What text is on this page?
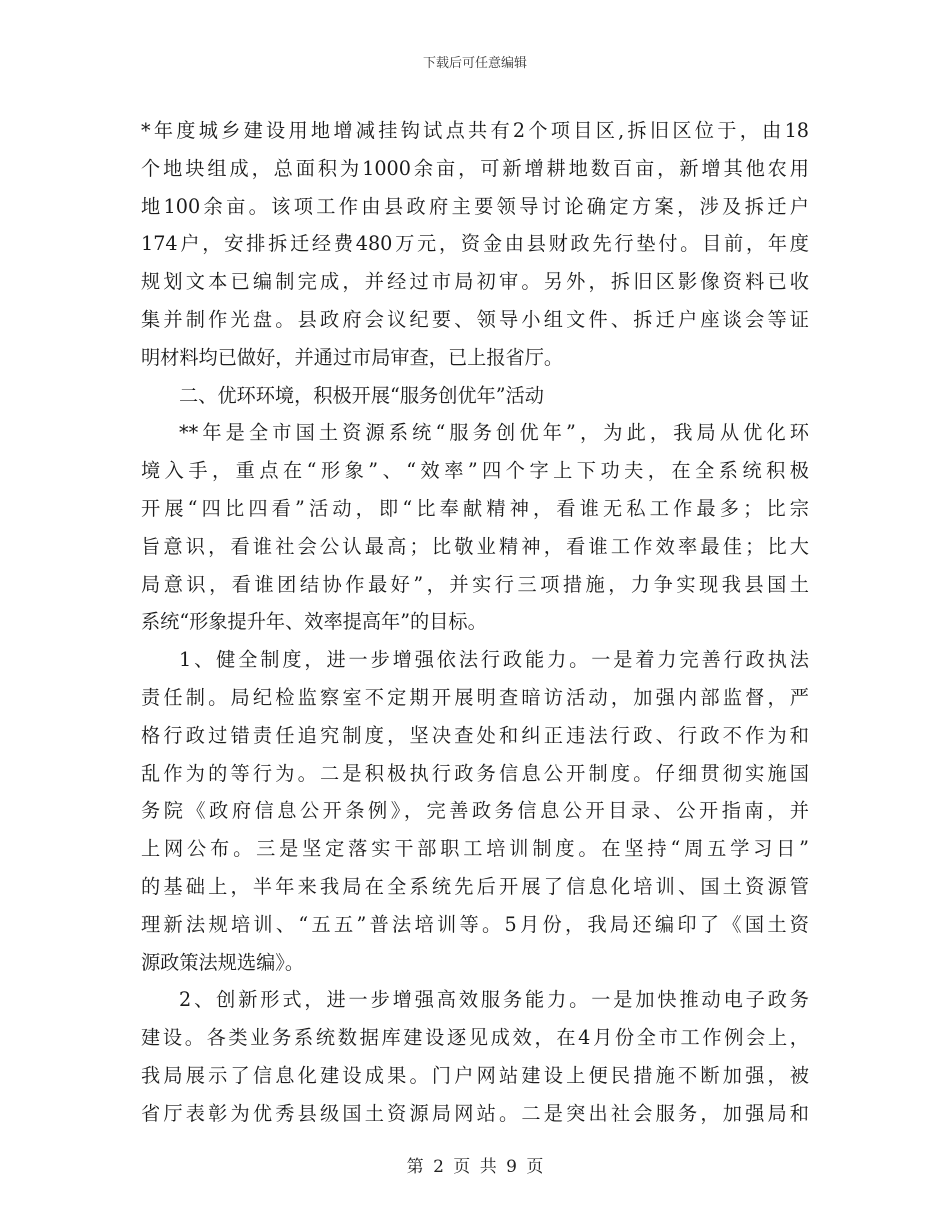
下载后可任意编辑
*年度城乡建设用地增减挂钩试点共有2个项目区,拆旧区位于，由18
个地块组成，总面积为1000余亩，可新增耕地数百亩，新增其他农用
地100余亩。该项工作由县政府主要领导讨论确定方案，涉及拆迁户
174户，安排拆迁经费480万元，资金由县财政先行垫付。目前，年度
规划文本已编制完成，并经过市局初审。另外，拆旧区影像资料已收
集并制作光盘。县政府会议纪要、领导小组文件、拆迁户座谈会等证
明材料均已做好，并通过市局审查，已上报省厅。
二、优环环境，积极开展“服务创优年”活动
**年是全市国土资源系统“服务创优年”，为此，我局从优化环
境入手，重点在“形象”、“效率”四个字上下功夫，在全系统积极
开展“四比四看”活动，即“比奉献精神，看谁无私工作最多；比宗
旨意识，看谁社会公认最高；比敬业精神，看谁工作效率最佳；比大
局意识，看谁团结协作最好”，并实行三项措施，力争实现我县国土
系统“形象提升年、效率提高年”的目标。
1、健全制度，进一步增强依法行政能力。一是着力完善行政执法
责任制。局纪检监察室不定期开展明查暗访活动，加强内部监督，严
格行政过错责任追究制度，坚决查处和纠正违法行政、行政不作为和
乱作为的等行为。二是积极执行政务信息公开制度。仔细贯彻实施国
务院《政府信息公开条例》，完善政务信息公开目录、公开指南，并
上网公布。三是坚定落实干部职工培训制度。在坚持“周五学习日”
的基础上，半年来我局在全系统先后开展了信息化培训、国土资源管
理新法规培训、“五五”普法培训等。5月份，我局还编印了《国土资
源政策法规选编》。
2、创新形式，进一步增强高效服务能力。一是加快推动电子政务
建设。各类业务系统数据库建设逐见成效，在4月份全市工作例会上，
我局展示了信息化建设成果。门户网站建设上便民措施不断加强，被
省厅表彰为优秀县级国土资源局网站。二是突出社会服务，加强局和
第 2 页 共 9 页
